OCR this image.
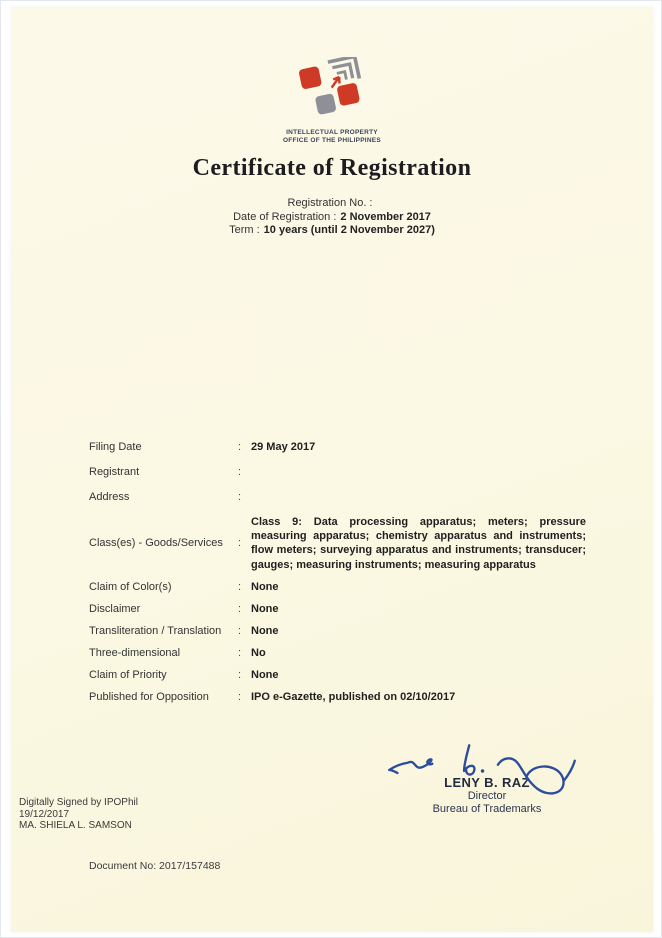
INTELLECTUAL PROPERTY
OFFICE OF THE PHILIPPINES
Certificate of Registration
Registration No. :
Date of Registration : 2 November 2017
Term : 10 years (until 2 November 2027)
Filing Date	: 29 May 2017
Registrant	:
Address	:
Class(es) - Goods/Services	:
Class 9: Data processing apparatus; meters; pressure measuring apparatus; chemistry apparatus and instruments; flow meters; surveying apparatus and instruments; transducer; gauges; measuring instruments; measuring apparatus
Claim of Color(s)	: None
Disclaimer	: None
Transliteration / Translation	: None
Three-dimensional	: No
Claim of Priority	: None
Published for Opposition	: IPO e-Gazette, published on 02/10/2017
LENY B. RAZ
Director
Bureau of Trademarks
Digitally Signed by IPOPhil
19/12/2017
MA. SHIELA L. SAMSON
Document No: 2017/157488
